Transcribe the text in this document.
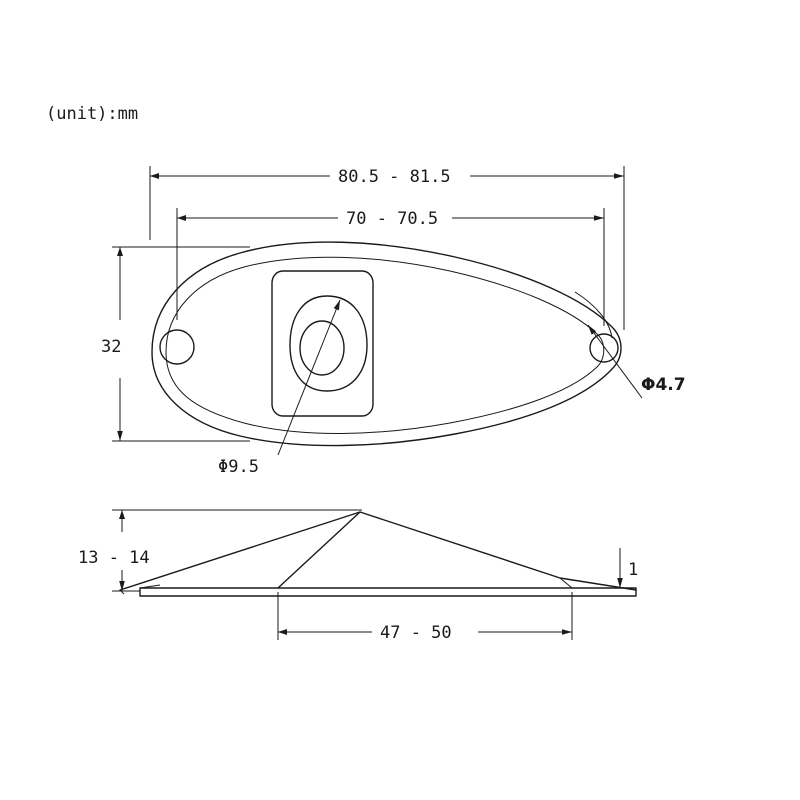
(unit):mm
80.5 - 81.5
70 - 70.5
32
Φ9.5
Φ4.7
13 - 14
1
47 - 50
